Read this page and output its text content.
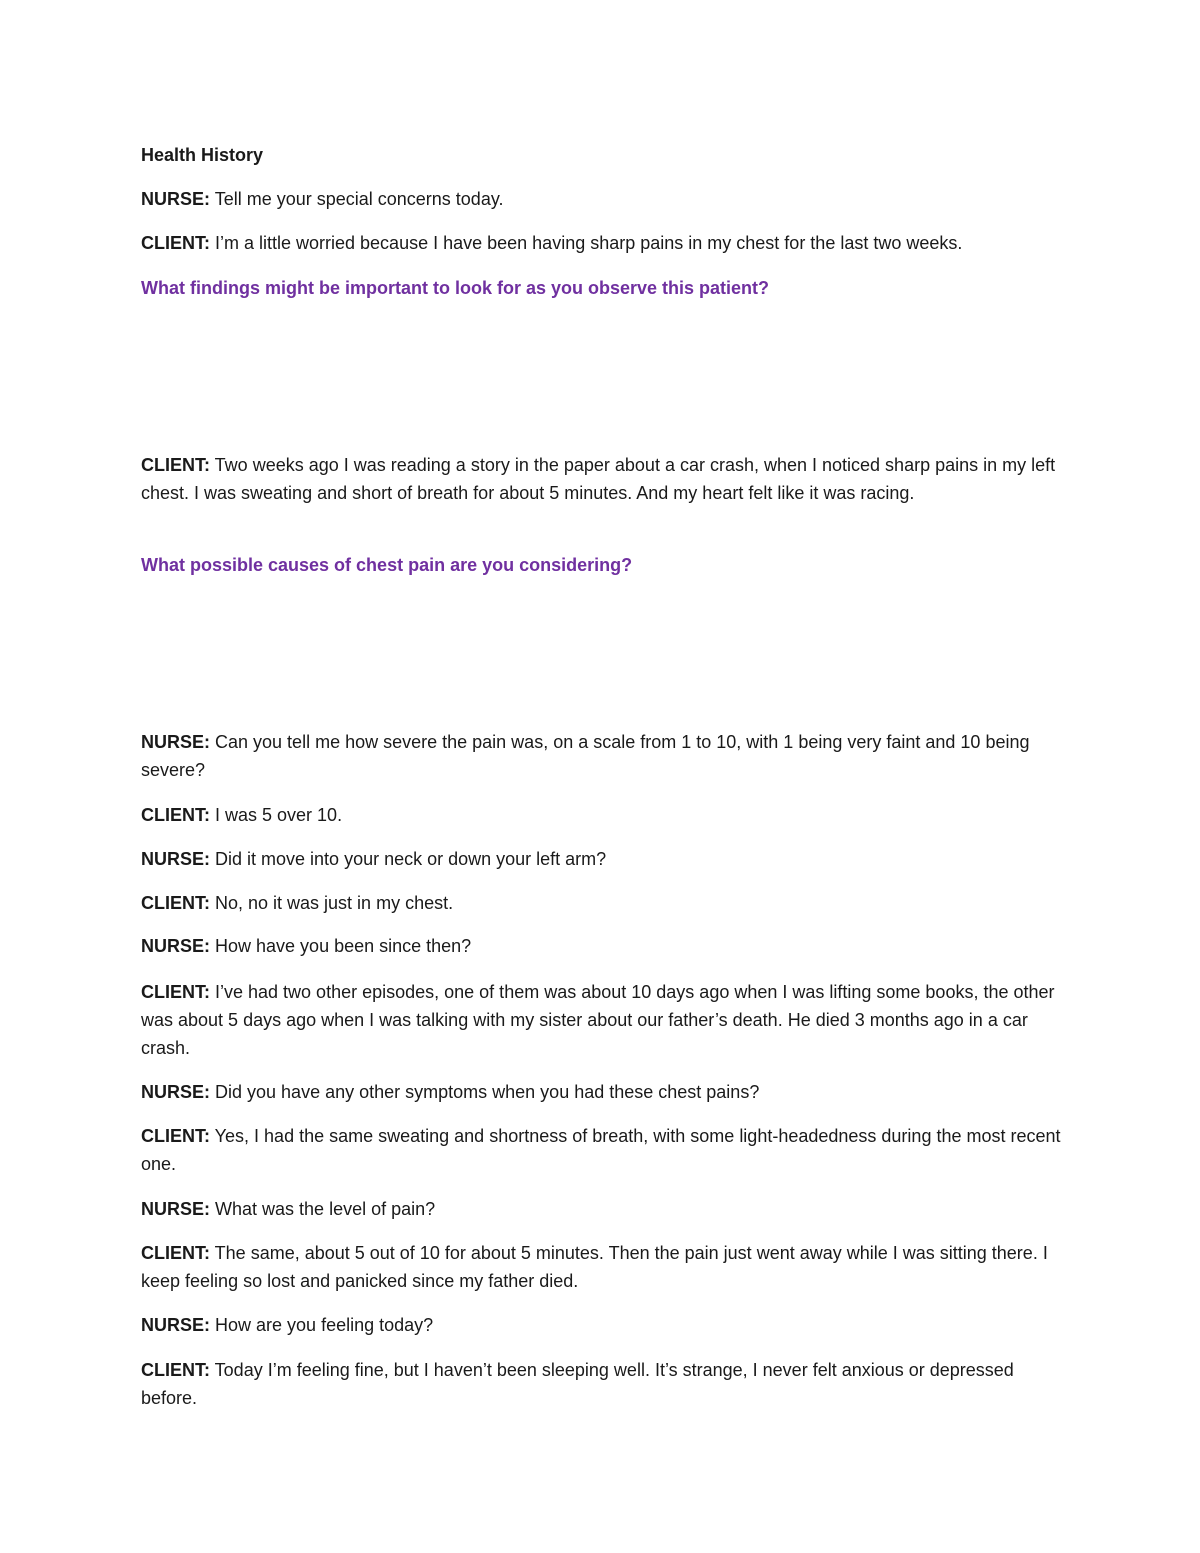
Health History
NURSE: Tell me your special concerns today.
CLIENT: I’m a little worried because I have been having sharp pains in my chest for the last two weeks.
What findings might be important to look for as you observe this patient?
CLIENT: Two weeks ago I was reading a story in the paper about a car crash, when I noticed sharp pains in my left chest. I was sweating and short of breath for about 5 minutes. And my heart felt like it was racing.
What possible causes of chest pain are you considering?
NURSE: Can you tell me how severe the pain was, on a scale from 1 to 10, with 1 being very faint and 10 being severe?
CLIENT: I was 5 over 10.
NURSE: Did it move into your neck or down your left arm?
CLIENT: No, no it was just in my chest.
NURSE: How have you been since then?
CLIENT: I’ve had two other episodes, one of them was about 10 days ago when I was lifting some books, the other was about 5 days ago when I was talking with my sister about our father’s death. He died 3 months ago in a car crash.
NURSE: Did you have any other symptoms when you had these chest pains?
CLIENT: Yes, I had the same sweating and shortness of breath, with some light-headedness during the most recent one.
NURSE: What was the level of pain?
CLIENT: The same, about 5 out of 10 for about 5 minutes. Then the pain just went away while I was sitting there. I keep feeling so lost and panicked since my father died.
NURSE: How are you feeling today?
CLIENT: Today I’m feeling fine, but I haven’t been sleeping well. It’s strange, I never felt anxious or depressed before.
